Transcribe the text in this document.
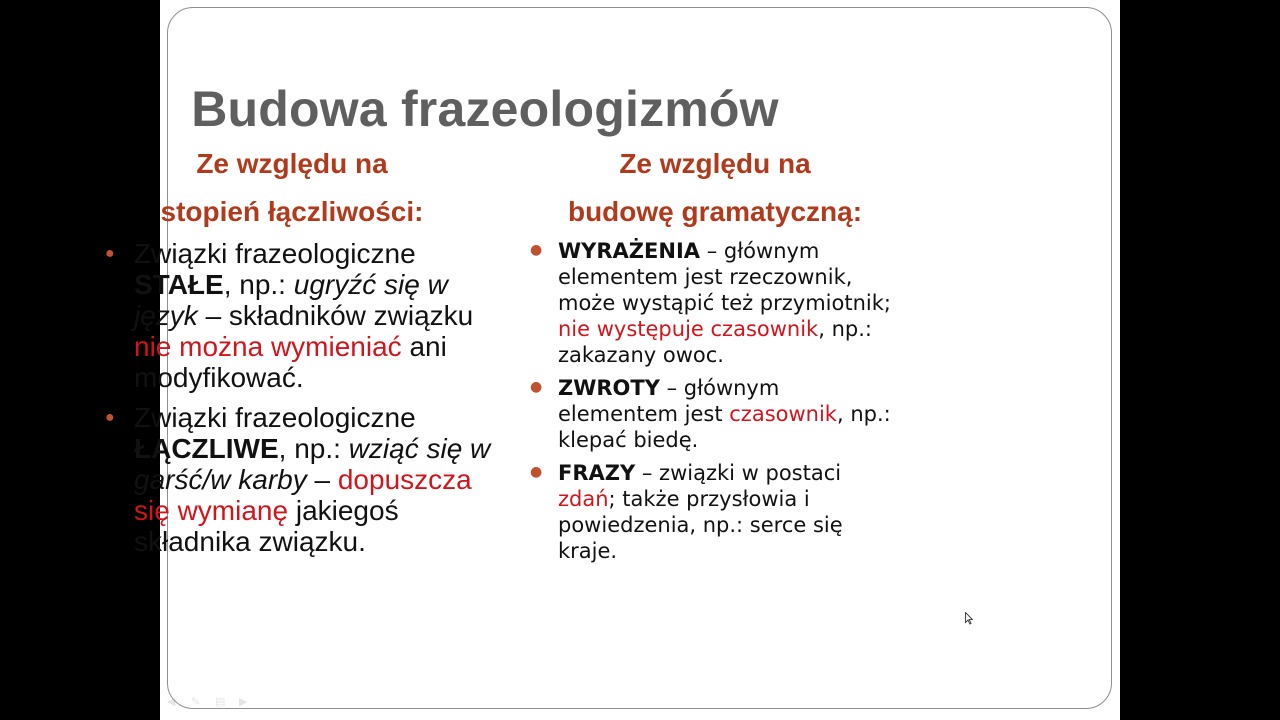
Budowa frazeologizmów
Ze względu na
stopień łączliwości:
Ze względu na
budowę gramatyczną:
● Związki frazeologiczne STAŁE, np.: ugryźć się w język – składników związku nie można wymieniać ani modyfikować.
● Związki frazeologiczne ŁĄCZLIWE, np.: wziąć się w garść/w karby – dopuszcza się wymianę jakiegoś składnika związku.
● WYRAŻENIA – głównym elementem jest rzeczownik, może wystąpić też przymiotnik; nie występuje czasownik, np.: zakazany owoc.
● ZWROTY – głównym elementem jest czasownik, np.: klepać biedę.
● FRAZY – związki w postaci zdań; także przysłowia i powiedzenia, np.: serce się kraje.
◀	✎	▤	▶
